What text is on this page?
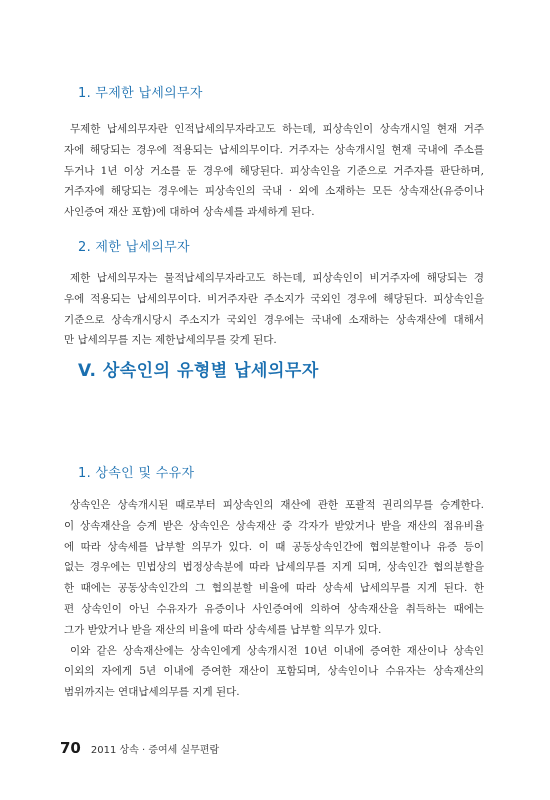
1. 무제한 납세의무자
무제한 납세의무자란 인적납세의무자라고도 하는데, 피상속인이 상속개시일 현재 거주
자에 해당되는 경우에 적용되는 납세의무이다. 거주자는 상속개시일 현재 국내에 주소를
두거나 1년 이상 거소를 둔 경우에 해당된다. 피상속인을 기준으로 거주자를 판단하며,
거주자에 해당되는 경우에는 피상속인의 국내 · 외에 소재하는 모든 상속재산(유증이나
사인증여 재산 포함)에 대하여 상속세를 과세하게 된다.
2. 제한 납세의무자
제한 납세의무자는 물적납세의무자라고도 하는데, 피상속인이 비거주자에 해당되는 경
우에 적용되는 납세의무이다. 비거주자란 주소지가 국외인 경우에 해당된다. 피상속인을
기준으로 상속개시당시 주소지가 국외인 경우에는 국내에 소재하는 상속재산에 대해서
만 납세의무를 지는 제한납세의무를 갖게 된다.
V. 상속인의 유형별 납세의무자
1. 상속인 및 수유자
상속인은 상속개시된 때로부터 피상속인의 재산에 관한 포괄적 권리의무를 승계한다.
이 상속재산을 승계 받은 상속인은 상속재산 중 각자가 받았거나 받을 재산의 점유비율
에 따라 상속세를 납부할 의무가 있다. 이 때 공동상속인간에 협의분할이나 유증 등이
없는 경우에는 민법상의 법정상속분에 따라 납세의무를 지게 되며, 상속인간 협의분할을
한 때에는 공동상속인간의 그 협의분할 비율에 따라 상속세 납세의무를 지게 된다. 한
편 상속인이 아닌 수유자가 유증이나 사인증여에 의하여 상속재산을 취득하는 때에는
그가 받았거나 받을 재산의 비율에 따라 상속세를 납부할 의무가 있다.
이와 같은 상속재산에는 상속인에게 상속개시전 10년 이내에 증여한 재산이나 상속인
이외의 자에게 5년 이내에 증여한 재산이 포함되며, 상속인이나 수유자는 상속재산의
범위까지는 연대납세의무를 지게 된다.
70 2011 상속 · 증여세 실무편람
